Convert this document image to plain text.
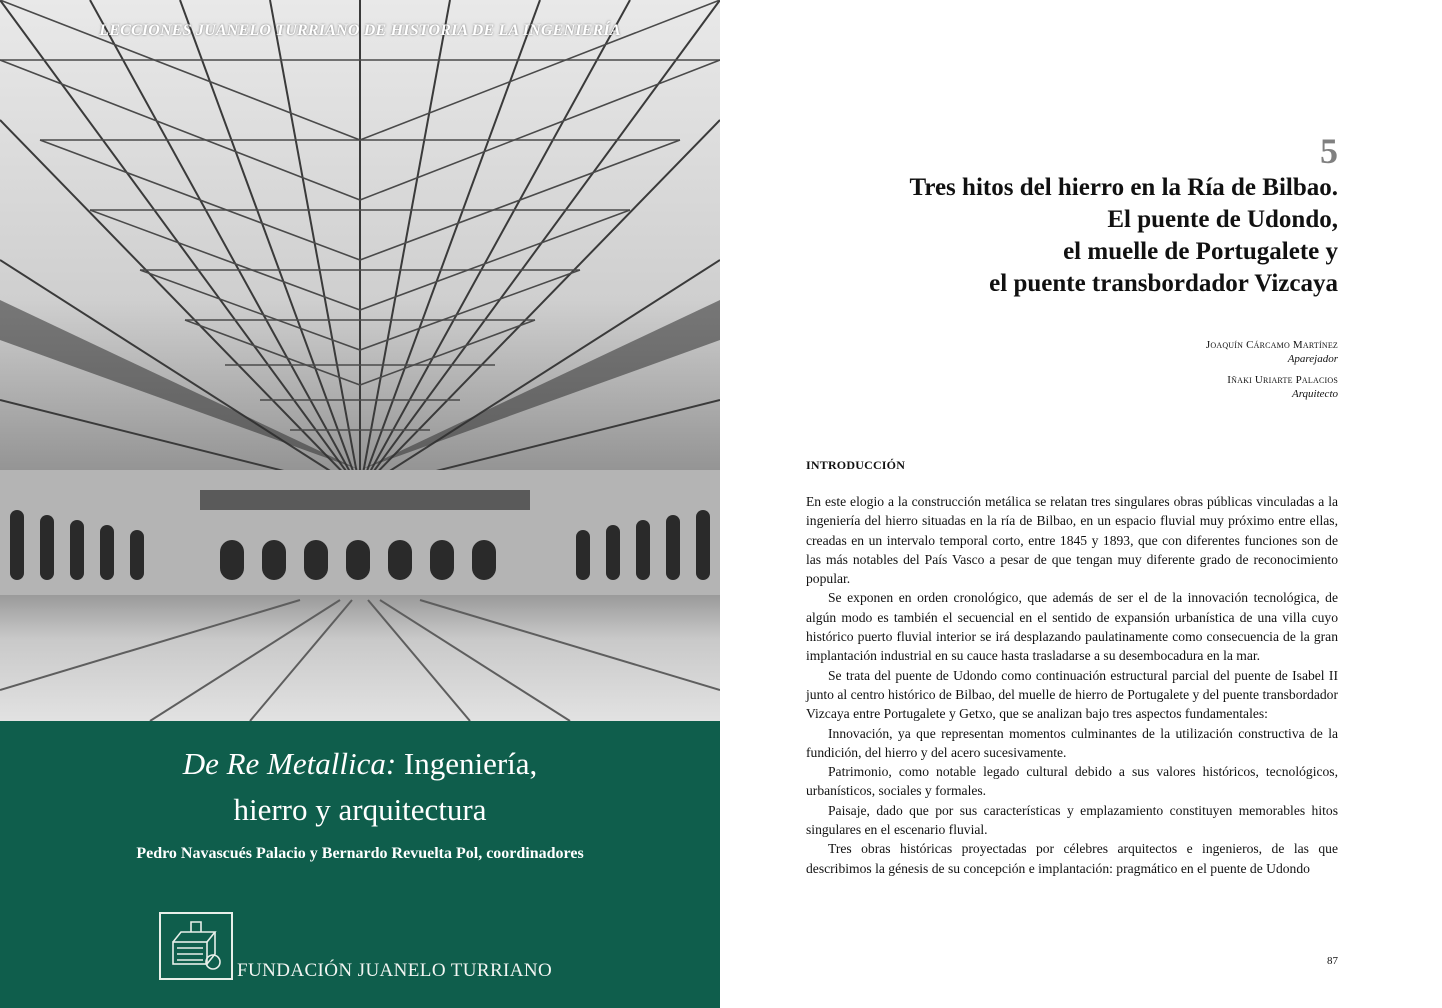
LECCIONES JUANELO TURRIANO DE HISTORIA DE LA INGENIERÍA
De Re Metallica: Ingeniería,
hierro y arquitectura
Pedro Navascués Palacio y Bernardo Revuelta Pol, coordinadores
FUNDACIÓN JUANELO TURRIANO
5
Tres hitos del hierro en la Ría de Bilbao.
El puente de Udondo,
el muelle de Portugalete y
el puente transbordador Vizcaya
Joaquín Cárcamo Martínez
Aparejador
Iñaki Uriarte Palacios
Arquitecto
INTRODUCCIÓN

En este elogio a la construcción metálica se relatan tres singulares obras públicas vinculadas a la ingeniería del hierro situadas en la ría de Bilbao, en un espacio fluvial muy próximo entre ellas, creadas en un intervalo temporal corto, entre 1845 y 1893, que con diferentes funciones son de las más notables del País Vasco a pesar de que tengan muy diferente grado de reconocimiento popular.

Se exponen en orden cronológico, que además de ser el de la innovación tecnológica, de algún modo es también el secuencial en el sentido de expansión urbanística de una villa cuyo histórico puerto fluvial interior se irá desplazando paulatinamente como consecuencia de la gran implantación industrial en su cauce hasta trasladarse a su desembocadura en la mar.

Se trata del puente de Udondo como continuación estructural parcial del puente de Isabel II junto al centro histórico de Bilbao, del muelle de hierro de Portugalete y del puente transbordador Vizcaya entre Portugalete y Getxo, que se analizan bajo tres aspectos fundamentales:

Innovación, ya que representan momentos culminantes de la utilización constructiva de la fundición, del hierro y del acero sucesivamente.

Patrimonio, como notable legado cultural debido a sus valores históricos, tecnológicos, urbanísticos, sociales y formales.

Paisaje, dado que por sus características y emplazamiento constituyen memorables hitos singulares en el escenario fluvial.

Tres obras históricas proyectadas por célebres arquitectos e ingenieros, de las que describimos la génesis de su concepción e implantación: pragmático en el puente de Udondo

87
